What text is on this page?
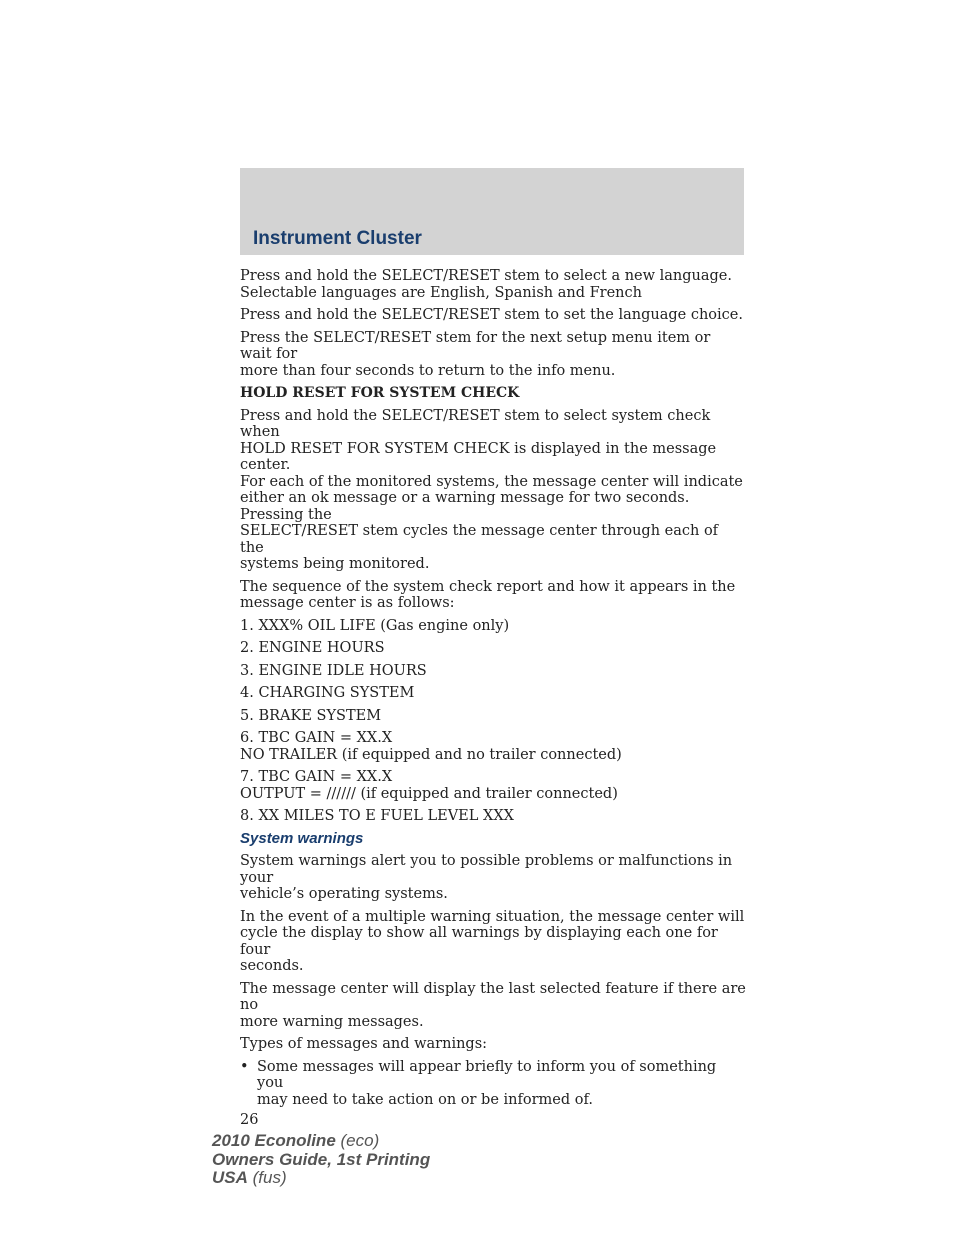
Instrument Cluster

Press and hold the SELECT/RESET stem to select a new language.
Selectable languages are English, Spanish and French

Press and hold the SELECT/RESET stem to set the language choice.

Press the SELECT/RESET stem for the next setup menu item or wait for
more than four seconds to return to the info menu.

HOLD RESET FOR SYSTEM CHECK

Press and hold the SELECT/RESET stem to select system check when
HOLD RESET FOR SYSTEM CHECK is displayed in the message center.
For each of the monitored systems, the message center will indicate
either an ok message or a warning message for two seconds. Pressing the
SELECT/RESET stem cycles the message center through each of the
systems being monitored.

The sequence of the system check report and how it appears in the
message center is as follows:

1. XXX% OIL LIFE (Gas engine only)

2. ENGINE HOURS

3. ENGINE IDLE HOURS

4. CHARGING SYSTEM

5. BRAKE SYSTEM

6. TBC GAIN = XX.X
NO TRAILER (if equipped and no trailer connected)

7. TBC GAIN = XX.X
OUTPUT = ////// (if equipped and trailer connected)

8. XX MILES TO E FUEL LEVEL XXX

System warnings

System warnings alert you to possible problems or malfunctions in your
vehicle’s operating systems.

In the event of a multiple warning situation, the message center will
cycle the display to show all warnings by displaying each one for four
seconds.

The message center will display the last selected feature if there are no
more warning messages.

Types of messages and warnings:

• Some messages will appear briefly to inform you of something you
may need to take action on or be informed of.

26

2010 Econoline (eco)
Owners Guide, 1st Printing
USA (fus)
